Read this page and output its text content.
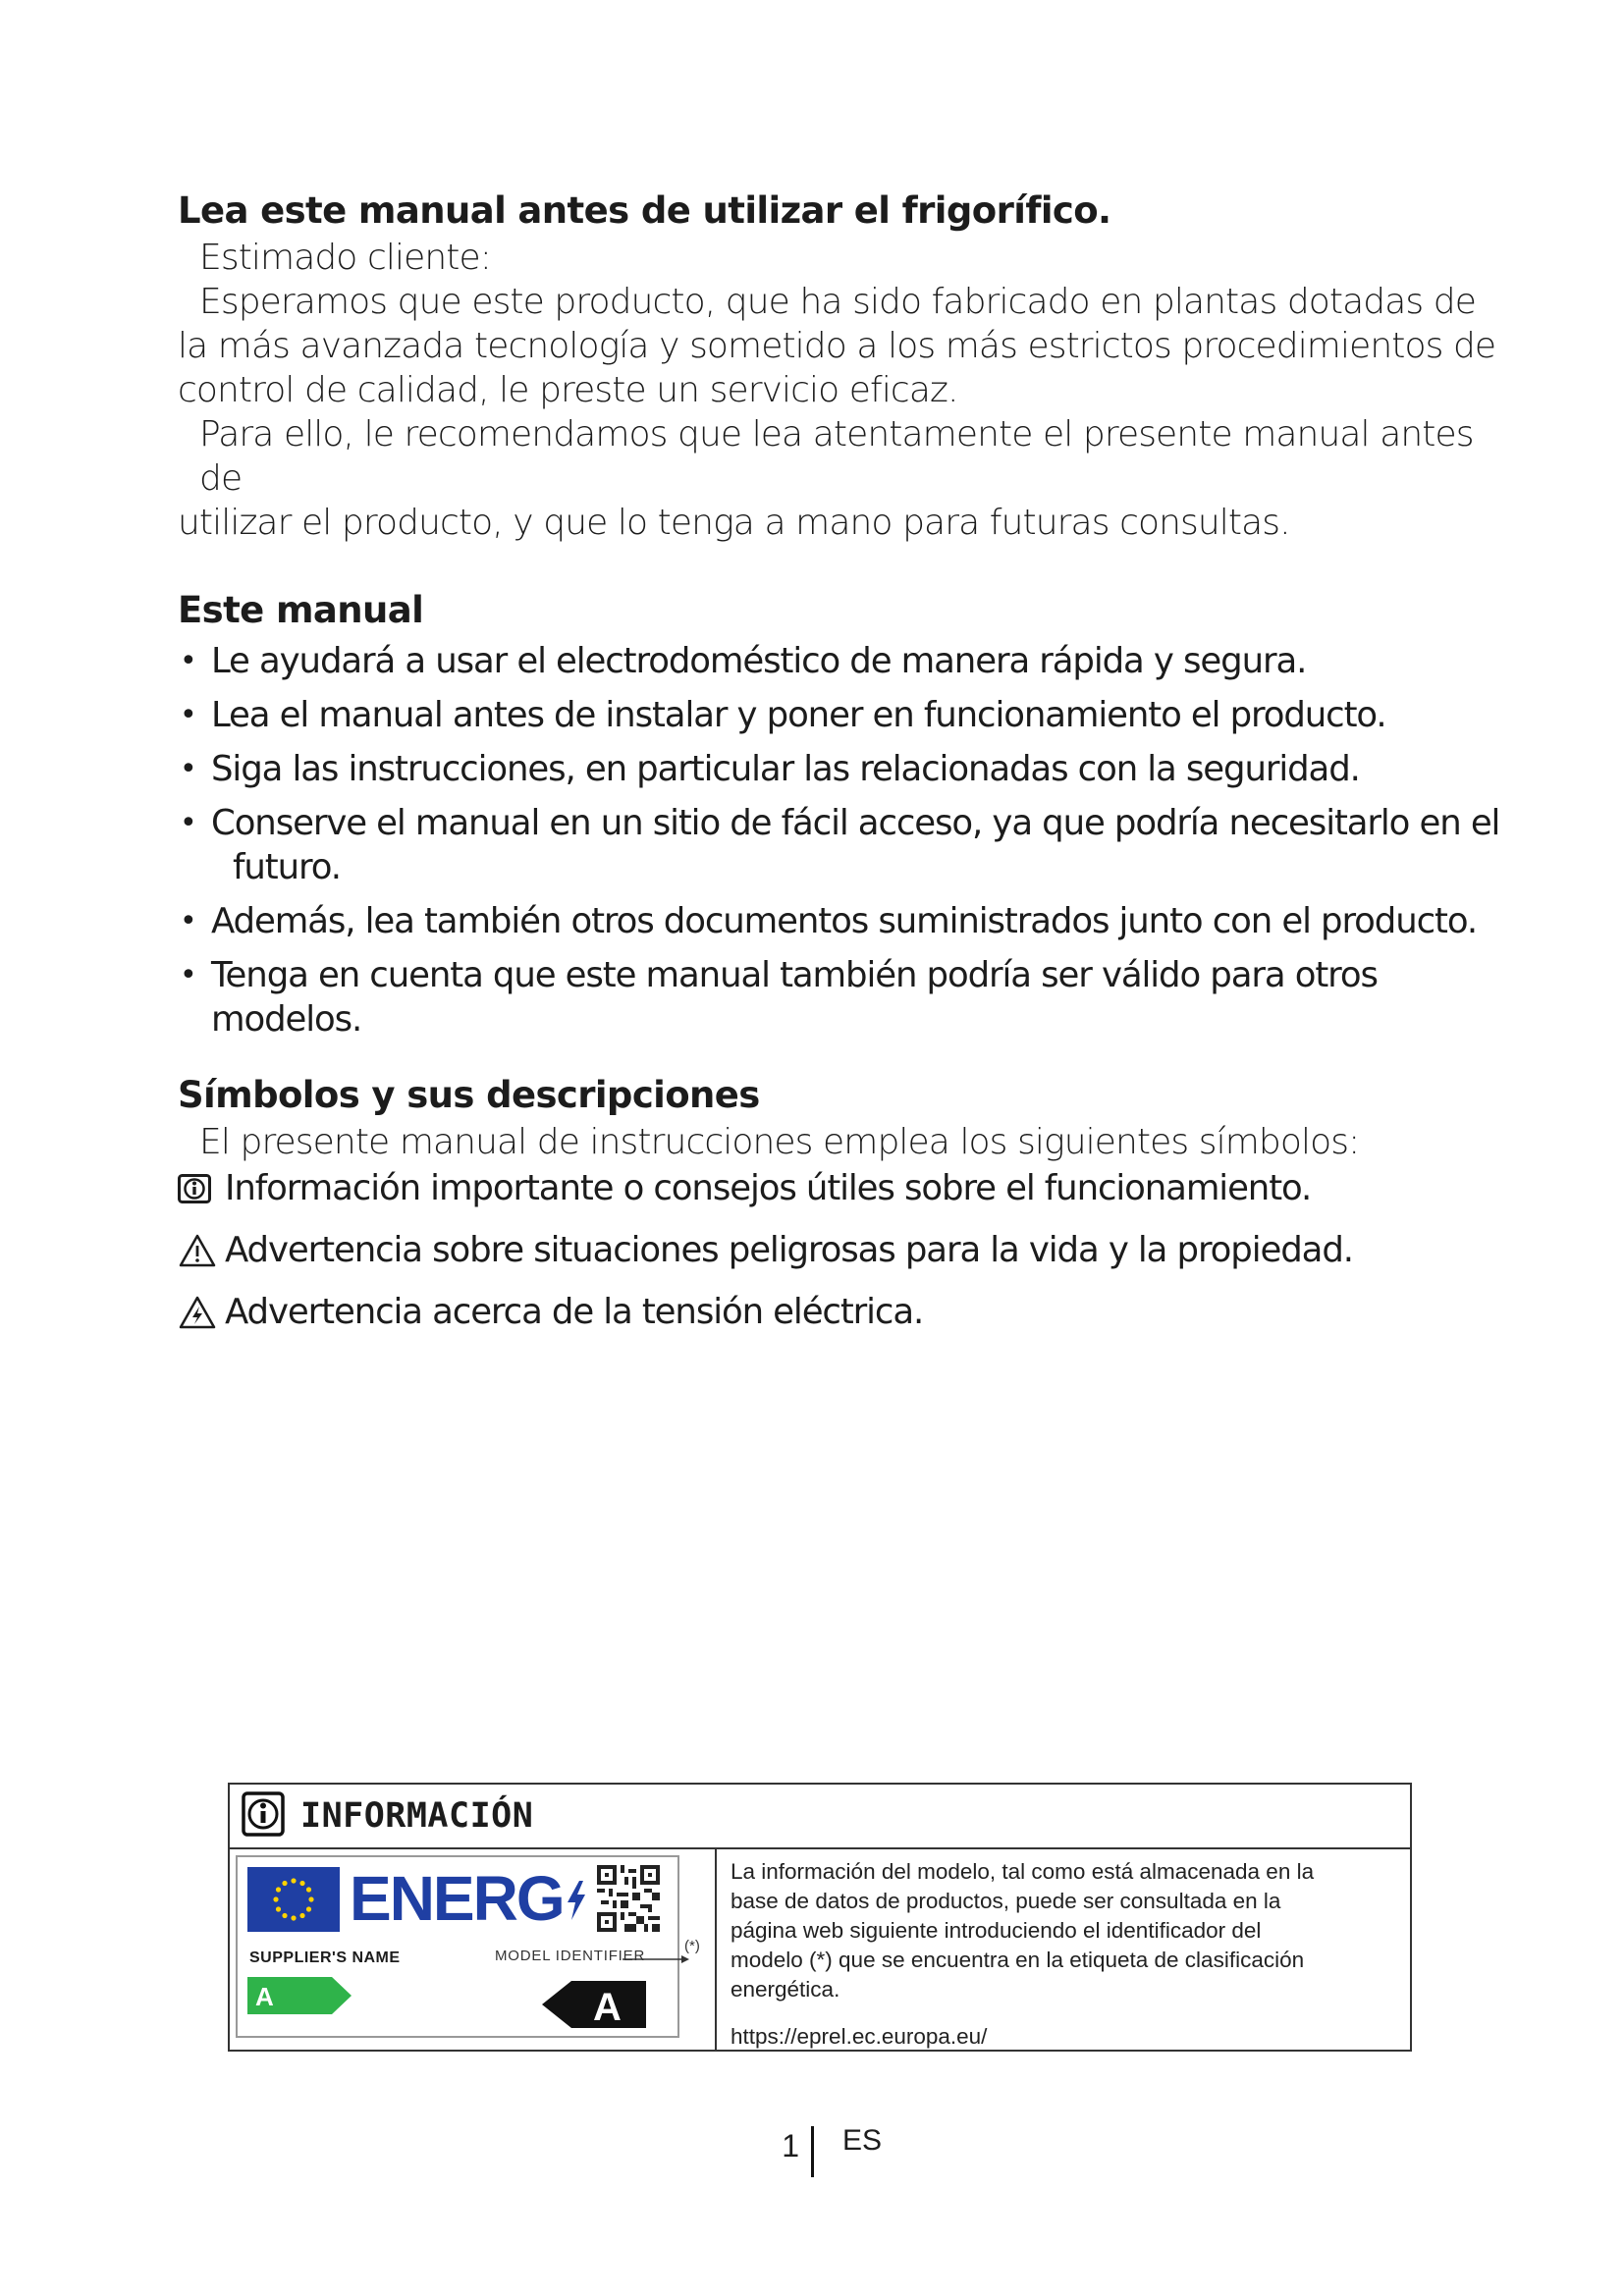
Lea este manual antes de utilizar el frigorífico.

Estimado cliente:

Esperamos que este producto, que ha sido fabricado en plantas dotadas de

la más avanzada tecnología y sometido a los más estrictos procedimientos de

control de calidad, le preste un servicio eficaz.

Para ello, le recomendamos que lea atentamente el presente manual antes de

utilizar el producto, y que lo tenga a mano para futuras consultas.

Este manual
• Le ayudará a usar el electrodoméstico de manera rápida y segura.
• Lea el manual antes de instalar y poner en funcionamiento el producto.
• Siga las instrucciones, en particular las relacionadas con la seguridad.
• Conserve el manual en un sitio de fácil acceso, ya que podría necesitarlo en el
futuro.
• Además, lea también otros documentos suministrados junto con el producto.
• Tenga en cuenta que este manual también podría ser válido para otros modelos.
Símbolos y sus descripciones

El presente manual de instrucciones emplea los siguientes símbolos:

Información importante o consejos útiles sobre el funcionamiento.
Advertencia sobre situaciones peligrosas para la vida y la propiedad.
Advertencia acerca de la tensión eléctrica.
INFORMACIÓN
ENERG
SUPPLIER'S NAME	MODEL IDENTIFIER
A	A
(*)
La información del modelo, tal como está almacenada en la
base de datos de productos, puede ser consultada en la
página web siguiente introduciendo el identificador del
modelo (*) que se encuentra en la etiqueta de clasificación
energética.
https://eprel.ec.europa.eu/
1 ES
